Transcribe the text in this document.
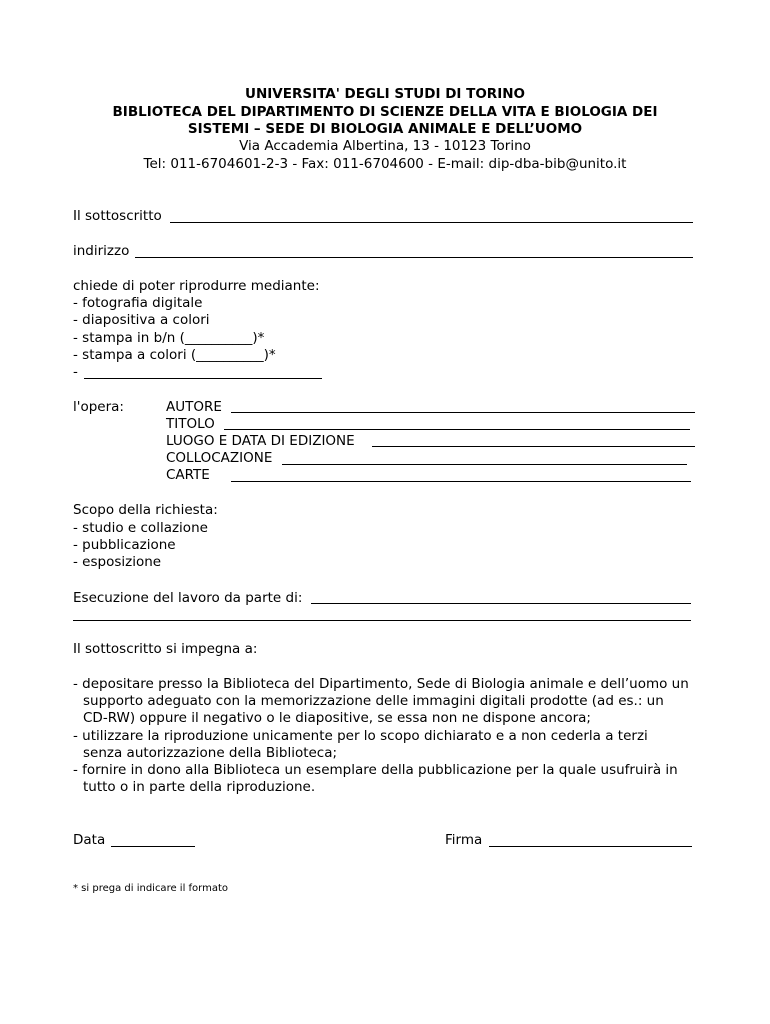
UNIVERSITA' DEGLI STUDI DI TORINO
BIBLIOTECA DEL DIPARTIMENTO DI SCIENZE DELLA VITA E BIOLOGIA DEI
SISTEMI – SEDE DI BIOLOGIA ANIMALE E DELL’UOMO
Via Accademia Albertina, 13 - 10123 Torino
Tel: 011-6704601-2-3 - Fax: 011-6704600 - E-mail: dip-dba-bib@unito.it
Il sottoscritto
indirizzo
chiede di poter riprodurre mediante:
- fotografia digitale
- diapositiva a colori
- stampa in b/n (__________)*
- stampa a colori (__________)*
-
l'opera:	AUTORE
TITOLO
LUOGO E DATA DI EDIZIONE
COLLOCAZIONE
CARTE
Scopo della richiesta:
- studio e collazione
- pubblicazione
- esposizione
Esecuzione del lavoro da parte di:
Il sottoscritto si impegna a:
- depositare presso la Biblioteca del Dipartimento, Sede di Biologia animale e dell’uomo un
supporto adeguato con la memorizzazione delle immagini digitali prodotte (ad es.: un
CD-RW) oppure il negativo o le diapositive, se essa non ne dispone ancora;
- utilizzare la riproduzione unicamente per lo scopo dichiarato e a non cederla a terzi
senza autorizzazione della Biblioteca;
- fornire in dono alla Biblioteca un esemplare della pubblicazione per la quale usufruirà in
tutto o in parte della riproduzione.
Data	Firma
* si prega di indicare il formato
